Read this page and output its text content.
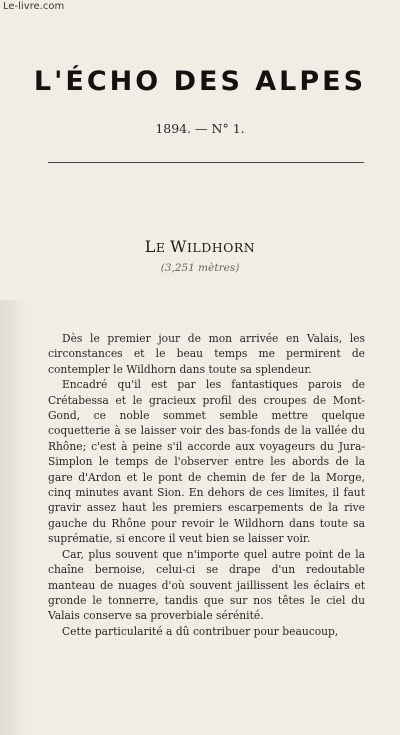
Le-livre.com
L'ÉCHO DES ALPES
1894. — N° 1.
LE WILDHORN
(3,251 mètres)

Dès le premier jour de mon arrivée en Valais, les circonstances et le beau temps me permirent de contempler le Wildhorn dans toute sa splendeur.

Encadré qu'il est par les fantastiques parois de Crétabessa et le gracieux profil des croupes de Mont-Gond, ce noble sommet semble mettre quelque coquetterie à se laisser voir des bas-fonds de la vallée du Rhône; c'est à peine s'il accorde aux voyageurs du Jura-Simplon le temps de l'observer entre les abords de la gare d'Ardon et le pont de chemin de fer de la Morge, cinq minutes avant Sion. En dehors de ces limites, il faut gravir assez haut les premiers escarpements de la rive gauche du Rhône pour revoir le Wildhorn dans toute sa suprématie, si encore il veut bien se laisser voir.

Car, plus souvent que n'importe quel autre point de la chaîne bernoise, celui-ci se drape d'un redoutable manteau de nuages d'où souvent jaillissent les éclairs et gronde le tonnerre, tandis que sur nos têtes le ciel du Valais conserve sa proverbiale sérénité.

Cette particularité a dû contribuer pour beaucoup,
